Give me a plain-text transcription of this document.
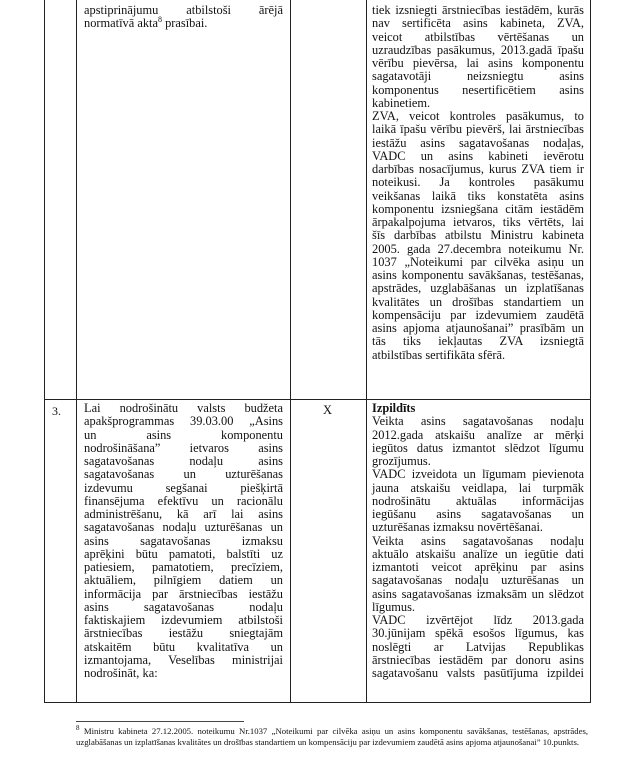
apstiprinājumu atbilstoši ārējā

normatīvā akta$^8$ prasībai.

tiek izsniegti ārstniecības iestādēm, kurās

nav sertificēta asins kabineta, ZVA,

veicot atbilstības vērtēšanas un

uzraudzības pasākumus, 2013.gadā īpašu

vērību pievērsa, lai asins komponentu

sagatavotāji neizsniegtu asins

komponentus nesertificētiem asins

kabinetiem.

ZVA, veicot kontroles pasākumus, to

laikā īpašu vērību pievērš, lai ārstniecības

iestāžu asins sagatavošanas nodaļas,

VADC un asins kabineti ievērotu

darbības nosacījumus, kurus ZVA tiem ir

noteikusi. Ja kontroles pasākumu

veikšanas laikā tiks konstatēta asins

komponentu izsniegšana citām iestādēm

ārpakalpojuma ietvaros, tiks vērtēts, lai

šīs darbības atbilstu Ministru kabineta

2005. gada 27.decembra noteikumu Nr.

1037 „Noteikumi par cilvēka asiņu un

asins komponentu savākšanas, testēšanas,

apstrādes, uzglabāšanas un izplatīšanas

kvalitātes un drošības standartiem un

kompensāciju par izdevumiem zaudētā

asins apjoma atjaunošanai” prasībām un

tās tiks iekļautas ZVA izsniegtā

atbilstības sertifikāta sfērā.

3. Lai nodrošinātu valsts budžeta

apakšprogrammas 39.03.00 „Asins

un asins komponentu

nodrošināšana” ietvaros asins

sagatavošanas nodaļu asins

sagatavošanas un uzturēšanas

izdevumu segšanai piešķirtā

finansējuma efektīvu un racionālu

administrēšanu, kā arī lai asins

sagatavošanas nodaļu uzturēšanas un

asins sagatavošanas izmaksu

aprēķini būtu pamatoti, balstīti uz

patiesiem, pamatotiem, precīziem,

aktuāliem, pilnīgiem datiem un

informācija par ārstniecības iestāžu

asins sagatavošanas nodaļu

faktiskajiem izdevumiem atbilstoši

ārstniecības iestāžu sniegtajām

atskaitēm būtu kvalitatīva un

izmantojama, Veselības ministrijai

nodrošināt, ka:

X	Izpildīts

Veikta asins sagatavošanas nodaļu

2012.gada atskaišu analīze ar mērķi

iegūtos datus izmantot slēdzot līgumu

grozījumus.

VADC izveidota un līgumam pievienota

jauna atskaišu veidlapa, lai turpmāk

nodrošinātu aktuālas informācijas

iegūšanu asins sagatavošanas un

uzturēšanas izmaksu novērtēšanai.

Veikta asins sagatavošanas nodaļu

aktuālo atskaišu analīze un iegūtie dati

izmantoti veicot aprēķinu par asins

sagatavošanas nodaļu uzturēšanas un

asins sagatavošanas izmaksām un slēdzot

līgumus.

VADC izvērtējot līdz 2013.gada

30.jūnijam spēkā esošos līgumus, kas

noslēgti ar Latvijas Republikas

ārstniecības iestādēm par donoru asins

sagatavošanu valsts pasūtījuma izpildei

$^8$ Ministru kabineta 27.12.2005. noteikumu Nr.1037 „Noteikumi par cilvēka asiņu un asins komponentu savākšanas, testēšanas, apstrādes, uzglabāšanas un izplatīšanas kvalitātes un drošības standartiem un kompensāciju par izdevumiem zaudētā asins apjoma atjaunošanai” 10.punkts.
